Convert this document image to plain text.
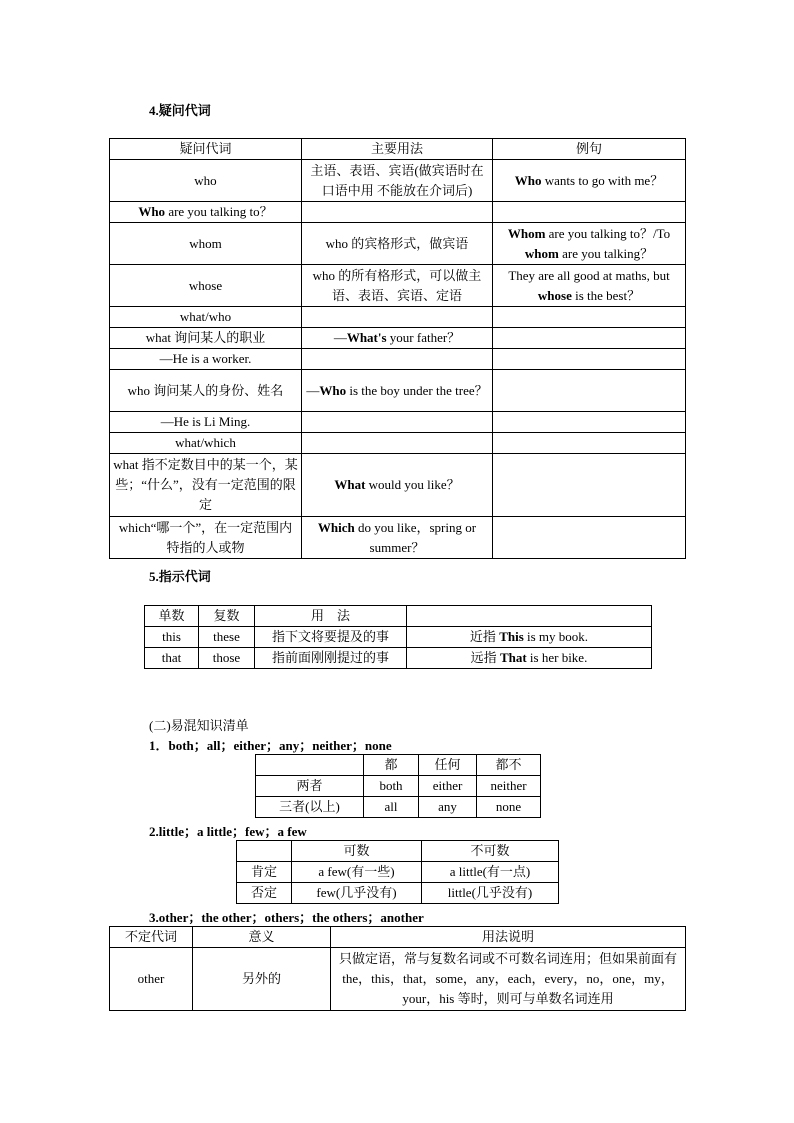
4.疑问代词
疑问代词	主要用法	例句
who	主语、表语、宾语(做宾语时在口语中用 不能放在介词后)	Who wants to go with me？
Who are you talking to？		
whom	who 的宾格形式，做宾语	Whom are you talking to？/To whom are you talking？
whose	who 的所有格形式，可以做主语、表语、宾语、定语	They are all good at maths, but whose is the best？
what/who		
what 询问某人的职业	—What's your father？	
—He is a worker.		
who 询问某人的身份、姓名	—Who is the boy under the tree？	
—He is Li Ming.		
what/which		
what 指不定数目中的某一个，某些；“什么”，没有一定范围的限定	What would you like？	
which“哪一个”，在一定范围内特指的人或物	Which do you like，spring or summer？	
5.指示代词
单数	复数	用　法	
this	these	指下文将要提及的事	近指 This is my book.
that	those	指前面刚刚提过的事	远指 That is her bike.
(二)易混知识清单
1．both；all；either；any；neither；none
	都	任何	都不
两者	both	either	neither
三者(以上)	all	any	none
2.little；a little；few；a few
	可数	不可数
肯定	a few(有一些)	a little(有一点)
否定	few(几乎没有)	little(几乎没有)
3.other；the other；others；the others；another
不定代词	意义	用法说明
other	另外的	只做定语，常与复数名词或不可数名词连用；但如果前面有 the，this，that，some，any，each，every，no，one，my，your，his 等时，则可与单数名词连用
